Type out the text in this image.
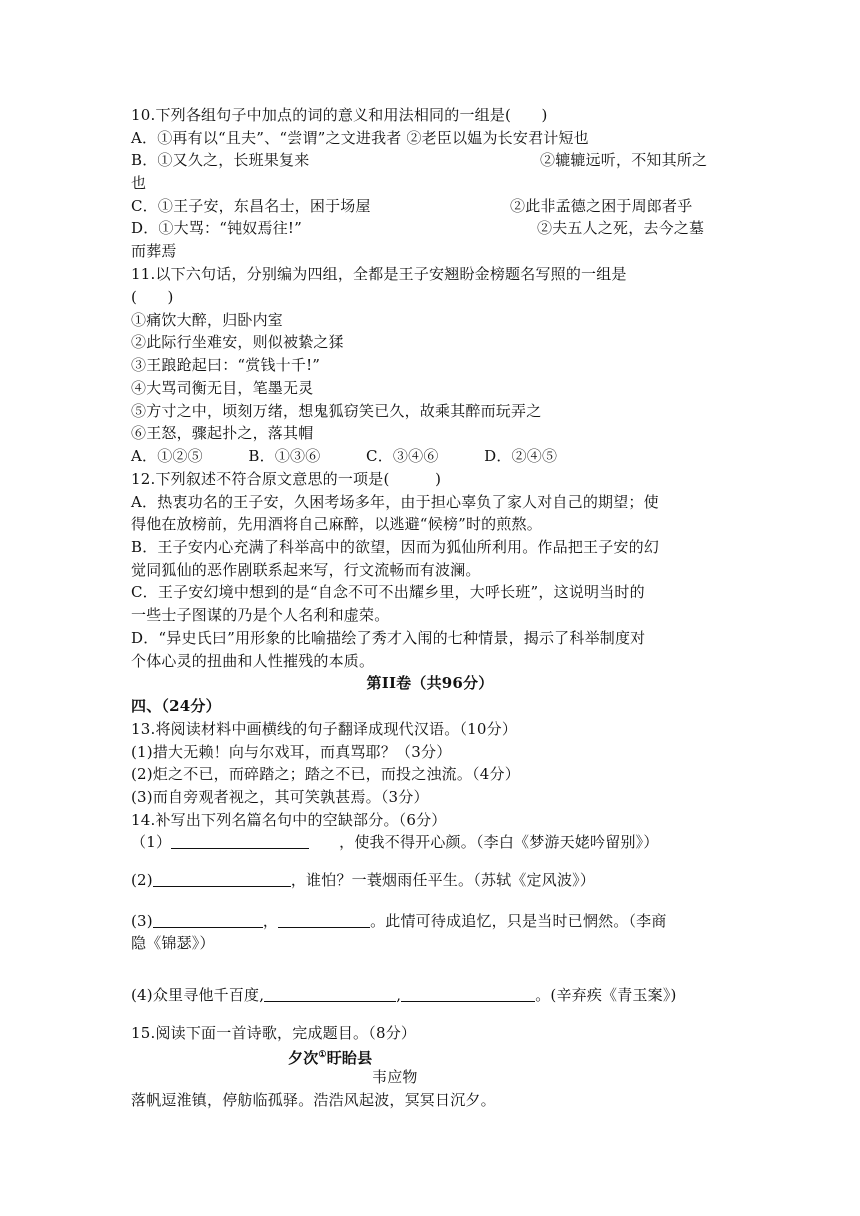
10.下列各组句子中加点的词的意义和用法相同的一组是(　　)
A．①再有以“且夫”、“尝谓”之文进我者 ②老臣以媪为长安君计短也
B．①又久之，长班果复来	②辘辘远听，不知其所之
也
C．①王子安，东昌名士，困于场屋	②此非孟德之困于周郎者乎
D．①大骂：“钝奴焉往!”	②夫五人之死，去今之墓
而葬焉
11.以下六句话，分别编为四组，全都是王子安翘盼金榜题名写照的一组是
(　　)
①痛饮大醉，归卧内室
②此际行坐难安，则似被絷之猱
③王踉跄起曰：“赏钱十千!”
④大骂司衡无目，笔墨无灵
⑤方寸之中，顷刻万绪，想鬼狐窃笑已久，故乘其醉而玩弄之
⑥王怒，骤起扑之，落其帽
A．①②⑤　　　B．①③⑥　　　C．③④⑥　　　D．②④⑤
12.下列叙述不符合原文意思的一项是(　　　)
A．热衷功名的王子安，久困考场多年，由于担心辜负了家人对自己的期望；使
得他在放榜前，先用酒将自己麻醉，以逃避“候榜”时的煎熬。
B．王子安内心充满了科举高中的欲望，因而为狐仙所利用。作品把王子安的幻
觉同狐仙的恶作剧联系起来写，行文流畅而有波澜。
C．王子安幻境中想到的是“自念不可不出耀乡里，大呼长班”，这说明当时的
一些士子图谋的乃是个人名利和虚荣。
D．“异史氏曰”用形象的比喻描绘了秀才入闱的七种情景，揭示了科举制度对
个体心灵的扭曲和人性摧残的本质。
第II卷（共96分）
四、（24分）
13.将阅读材料中画横线的句子翻译成现代汉语。（10分）
(1)措大无赖！向与尔戏耳，而真骂耶？（3分）
(2)炬之不已，而碎踏之；踏之不已，而投之浊流。（4分）
(3)而自旁观者视之，其可笑孰甚焉。（3分）
14.补写出下列名篇名句中的空缺部分。（6分）
（1）	，使我不得开心颜。（李白《梦游天姥吟留别》）
(2)	，谁怕？一蓑烟雨任平生。（苏轼《定风波》）
(3)	，	。此情可待成追忆，只是当时已惘然。（李商
隐《锦瑟》）
(4)众里寻他千百度,	,	。(辛弃疾《青玉案》)
15.阅读下面一首诗歌，完成题目。（8分）
夕次①盱眙县
韦应物
落帆逗淮镇，停舫临孤驿。浩浩风起波，冥冥日沉夕。
